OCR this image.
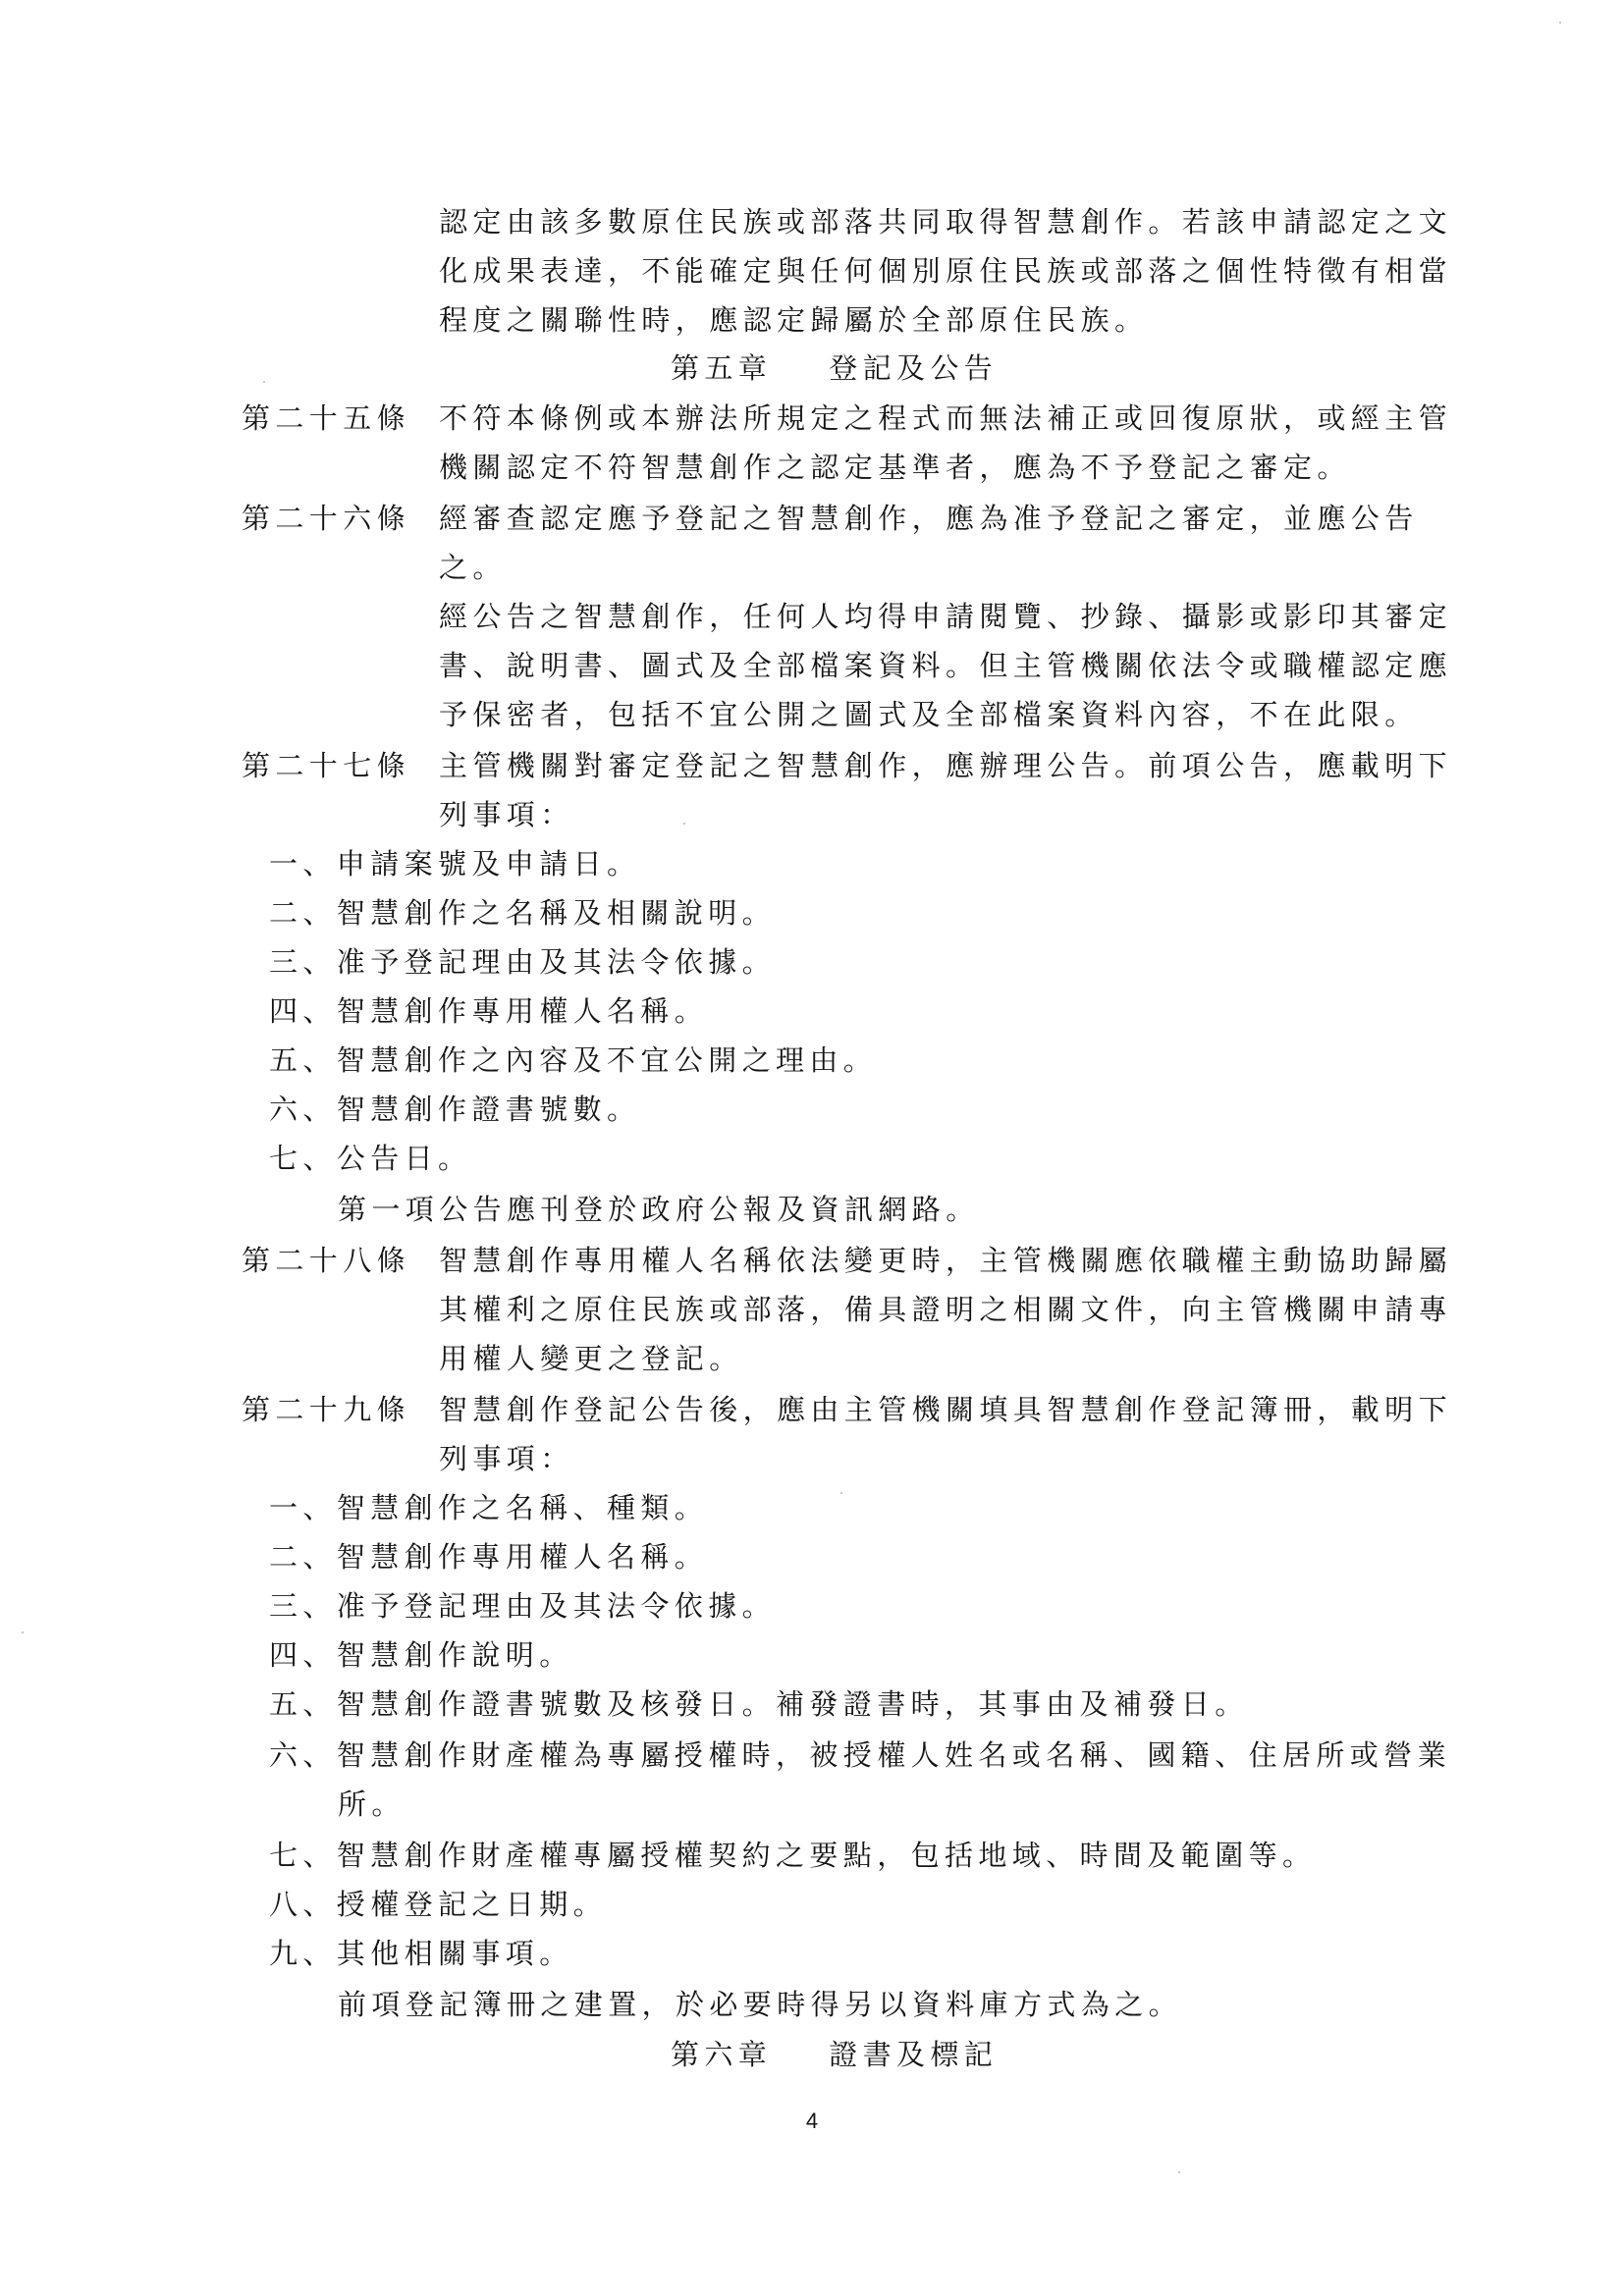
認定由該多數原住民族或部落共同取得智慧創作。若該申請認定之文
化成果表達，不能確定與任何個別原住民族或部落之個性特徵有相當
程度之關聯性時，應認定歸屬於全部原住民族。
第五章 登記及公告
第二十五條 不符本條例或本辦法所規定之程式而無法補正或回復原狀，或經主管
機關認定不符智慧創作之認定基準者，應為不予登記之審定。
第二十六條 經審查認定應予登記之智慧創作，應為准予登記之審定，並應公告
之。
經公告之智慧創作，任何人均得申請閱覽、抄錄、攝影或影印其審定
書、說明書、圖式及全部檔案資料。但主管機關依法令或職權認定應
予保密者，包括不宜公開之圖式及全部檔案資料內容，不在此限。
第二十七條 主管機關對審定登記之智慧創作，應辦理公告。前項公告，應載明下
列事項：
一、申請案號及申請日。
二、智慧創作之名稱及相關說明。
三、准予登記理由及其法令依據。
四、智慧創作專用權人名稱。
五、智慧創作之內容及不宜公開之理由。
六、智慧創作證書號數。
七、公告日。
第一項公告應刊登於政府公報及資訊網路。
第二十八條 智慧創作專用權人名稱依法變更時，主管機關應依職權主動協助歸屬
其權利之原住民族或部落，備具證明之相關文件，向主管機關申請專
用權人變更之登記。
第二十九條 智慧創作登記公告後，應由主管機關填具智慧創作登記簿冊，載明下
列事項：
一、智慧創作之名稱、種類。
二、智慧創作專用權人名稱。
三、准予登記理由及其法令依據。
四、智慧創作說明。
五、智慧創作證書號數及核發日。補發證書時，其事由及補發日。
六、智慧創作財產權為專屬授權時，被授權人姓名或名稱、國籍、住居所或營業
所。
七、智慧創作財產權專屬授權契約之要點，包括地域、時間及範圍等。
八、授權登記之日期。
九、其他相關事項。
前項登記簿冊之建置，於必要時得另以資料庫方式為之。
第六章 證書及標記
4
